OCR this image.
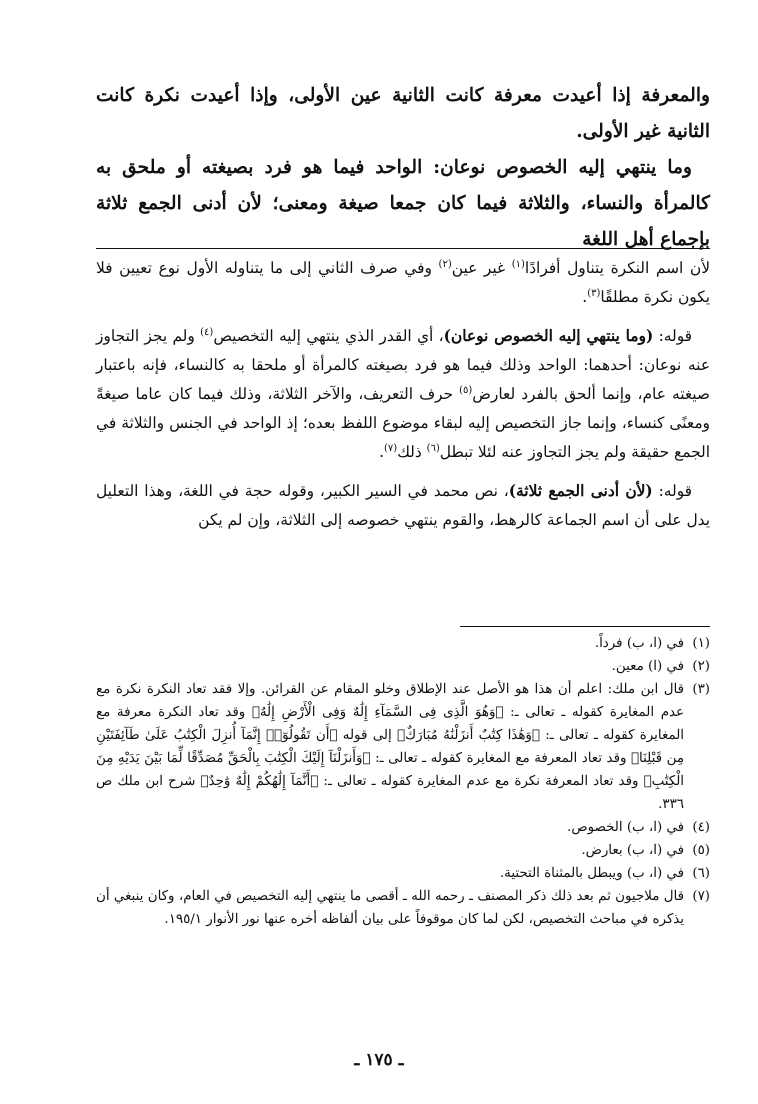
والمعرفة إذا أعيدت معرفة كانت الثانية عين الأولى، وإذا أعيدت نكرة كانت الثانية غير الأولى.

وما ينتهي إليه الخصوص نوعان: الواحد فيما هو فرد بصيغته أو ملحق به كالمرأة والنساء، والثلاثة فيما كان جمعا صيغة ومعنى؛ لأن أدنى الجمع ثلاثة بإجماع أهل اللغة

لأن اسم النكرة يتناول أفرادًا$^{(١)}$ غير عين$^{(٢)}$ وفي صرف الثاني إلى ما يتناوله الأول نوع تعيين فلا يكون نكرة مطلقًا$^{(٣)}$.

قوله: (وما ينتهي إليه الخصوص نوعان)، أي القدر الذي ينتهي إليه التخصيص$^{(٤)}$ ولم يجز التجاوز عنه نوعان: أحدهما: الواحد وذلك فيما هو فرد بصيغته كالمرأة أو ملحقا به كالنساء، فإنه باعتبار صيغته عام، وإنما ألحق بالفرد لعارض$^{(٥)}$ حرف التعريف، والآخر الثلاثة، وذلك فيما كان عاما صيغةً ومعنًى كنساء، وإنما جاز التخصيص إليه لبقاء موضوع اللفظ بعده؛ إذ الواحد في الجنس والثلاثة في الجمع حقيقة ولم يجز التجاوز عنه لئلا تبطل$^{(٦)}$ ذلك$^{(٧)}$.

قوله: (لأن أدنى الجمع ثلاثة)، نص محمد في السير الكبير، وقوله حجة في اللغة، وهذا التعليل يدل على أن اسم الجماعة كالرهط، والقوم ينتهي خصوصه إلى الثلاثة، وإن لم يكن

(١)
في (ا، ب) فرداً.
(٢)
في (ا) معين.
(٣)
قال ابن ملك: اعلم أن هذا هو الأصل عند الإطلاق وخلو المقام عن القرائن. وإلا فقد تعاد النكرة نكرة مع عدم المغايرة كقوله ـ تعالى ـ: ﴿وَهُوَ الَّذِى فِى السَّمَآءِ إِلَٰهٌ وَفِى الْأَرْضِ إِلَٰهٌ﴾ وقد تعاد النكرة معرفة مع المغايرة كقوله ـ تعالى ـ: ﴿وَهَٰذَا كِتَٰبٌ أَنزَلْنَٰهُ مُبَارَكٌ﴾ إلى قوله ﴿أَن تَقُولُوٓا۟ إِنَّمَآ أُنزِلَ الْكِتَٰبُ عَلَىٰ طَآئِفَتَيْنِ مِن قَبْلِنَا﴾ وقد تعاد المعرفة مع المغايرة كقوله ـ تعالى ـ: ﴿وَأَنزَلْنَآ إِلَيْكَ الْكِتَٰبَ بِالْحَقِّ مُصَدِّقًا لِّمَا بَيْنَ يَدَيْهِ مِنَ الْكِتَٰبِ﴾ وقد تعاد المعرفة نكرة مع عدم المغايرة كقوله ـ تعالى ـ: ﴿أَنَّمَآ إِلَٰهُكُمْ إِلَٰهٌ وَٰحِدٌ﴾ شرح ابن ملك ص ٣٣٦.
(٤)
في (ا، ب) الخصوص.
(٥)
في (ا، ب) بعارض.
(٦)
في (ا، ب) ويبطل بالمثناة التحتية.
(٧)
قال ملاجيون ثم بعد ذلك ذكر المصنف ـ رحمه الله ـ أقصى ما ينتهي إليه التخصيص في العام، وكان ينبغي أن يذكره في مباحث التخصيص، لكن لما كان موقوفاً على بيان ألفاظه أخره عنها نور الأنوار ١٩٥/١.
ـ ١٧٥ ـ
